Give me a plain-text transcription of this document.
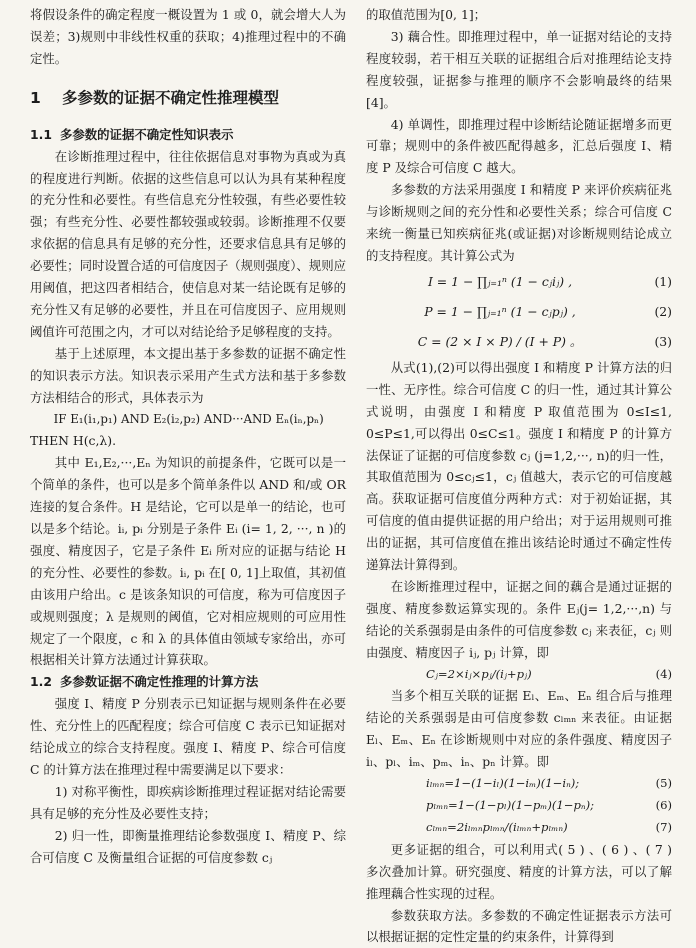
将假设条件的确定程度一概设置为 1 或 0，就会增大人为误差；3)规则中非线性权重的获取；4)推理过程中的不确定性。

1 多参数的证据不确定性推理模型
1.1 多参数的证据不确定性知识表示

在诊断推理过程中，往往依据信息对事物为真或为真的程度进行判断。依据的这些信息可以认为具有某种程度的充分性和必要性。有些信息充分性较强，有些必要性较强；有些充分性、必要性都较强或较弱。诊断推理不仅要求依据的信息具有足够的充分性，还要求信息具有足够的必要性；同时设置合适的可信度因子（规则强度）、规则应用阈值，把这四者相结合，使信息对某一结论既有足够的充分性又有足够的必要性，并且在可信度因子、应用规则阈值许可范围之内，才可以对结论给予足够程度的支持。

基于上述原理，本文提出基于多参数的证据不确定性的知识表示方法。知识表示采用产生式方法和基于多参数方法相结合的形式，具体表示为

IF E₁(i₁,p₁) AND E₂(i₂,p₂) AND···AND Eₙ(iₙ,pₙ)

THEN H(c,λ).

其中 E₁,E₂,···,Eₙ 为知识的前提条件，它既可以是一个简单的条件，也可以是多个简单条件以 AND 和/或 OR 连接的复合条件。H 是结论，它可以是单一的结论，也可以是多个结论。iᵢ, pᵢ 分别是子条件 Eᵢ (i= 1, 2, ···, n )的强度、精度因子，它是子条件 Eᵢ 所对应的证据与结论 H 的充分性、必要性的参数。iᵢ, pᵢ 在[ 0, 1]上取值，其初值由该用户给出。c 是该条知识的可信度，称为可信度因子或规则强度；λ 是规则的阈值，它对相应规则的可应用性规定了一个限度，c 和 λ 的具体值由领域专家给出，亦可根据相关计算方法通过计算获取。

1.2 多参数证据不确定性推理的计算方法

强度 I、精度 P 分别表示已知证据与规则条件在必要性、充分性上的匹配程度；综合可信度 C 表示已知证据对结论成立的综合支持程度。强度 I、精度 P、综合可信度 C 的计算方法在推理过程中需要满足以下要求：

1) 对称平衡性，即疾病诊断推理过程证据对结论需要具有足够的充分性及必要性支持；

2) 归一性，即衡量推理结论参数强度 I、精度 P、综合可信度 C 及衡量组合证据的可信度参数 cⱼ

的取值范围为[0, 1]；

3) 藕合性。即推理过程中，单一证据对结论的支持程度较弱，若干相互关联的证据组合后对推理结论支持程度较强，证据参与推理的顺序不会影响最终的结果[4]。

4) 单调性，即推理过程中诊断结论随证据增多而更可靠；规则中的条件被匹配得越多，汇总后强度 I、精度 P 及综合可信度 C 越大。

多参数的方法采用强度 I 和精度 P 来评价疾病征兆与诊断规则之间的充分性和必要性关系；综合可信度 C 来统一衡量已知疾病征兆(或证据)对诊断规则结论成立的支持程度。其计算公式为

I = 1 − ∏ⱼ₌₁ⁿ (1 − cⱼiⱼ) ,	(1)
P = 1 − ∏ⱼ₌₁ⁿ (1 − cⱼpⱼ) ,	(2)
C = (2 × I × P) / (I + P) 。	(3)

从式(1),(2)可以得出强度 I 和精度 P 计算方法的归一性、无序性。综合可信度 C 的归一性，通过其计算公式说明，由强度 I 和精度 P 取值范围为 0≤I≤1, 0≤P≤1,可以得出 0≤C≤1。强度 I 和精度 P 的计算方法保证了证据的可信度参数 cⱼ (j=1,2,···, n)的归一性，其取值范围为 0≤cⱼ≤1，cⱼ 值越大，表示它的可信度越高。获取证据可信度值分两种方式：对于初始证据，其可信度的值由提供证据的用户给出；对于运用规则可推出的证据，其可信度值在推出该结论时通过不确定性传递算法计算得到。

在诊断推理过程中，证据之间的藕合是通过证据的强度、精度参数运算实现的。条件 Eⱼ(j= 1,2,···,n) 与结论的关系强弱是由条件的可信度参数 cⱼ 来表征，cⱼ 则由强度、精度因子 iⱼ, pⱼ 计算，即

Cⱼ=2×iⱼ×pⱼ/(iⱼ+pⱼ)	(4)

当多个相互关联的证据 Eₗ、Eₘ、Eₙ 组合后与推理结论的关系强弱是由可信度参数 cₗₘₙ 来表征。由证据 Eₗ、Eₘ、Eₙ 在诊断规则中对应的条件强度、精度因子 iₗ、pₗ、iₘ、pₘ、iₙ、pₙ 计算。即

iₗₘₙ=1−(1−iₗ)(1−iₘ)(1−iₙ);	(5)
pₗₘₙ=1−(1−pₗ)(1−pₘ)(1−pₙ);	(6)
cₗₘₙ=2iₗₘₙpₗₘₙ/(iₗₘₙ+pₗₘₙ)	(7)

更多证据的组合，可以利用式( 5 ) 、( 6 ) 、( 7 )多次叠加计算。研究强度、精度的计算方法，可以了解推理藕合性实现的过程。

参数获取方法。多参数的不确定性证据表示方法可以根据证据的定性定量的约束条件，计算得到
